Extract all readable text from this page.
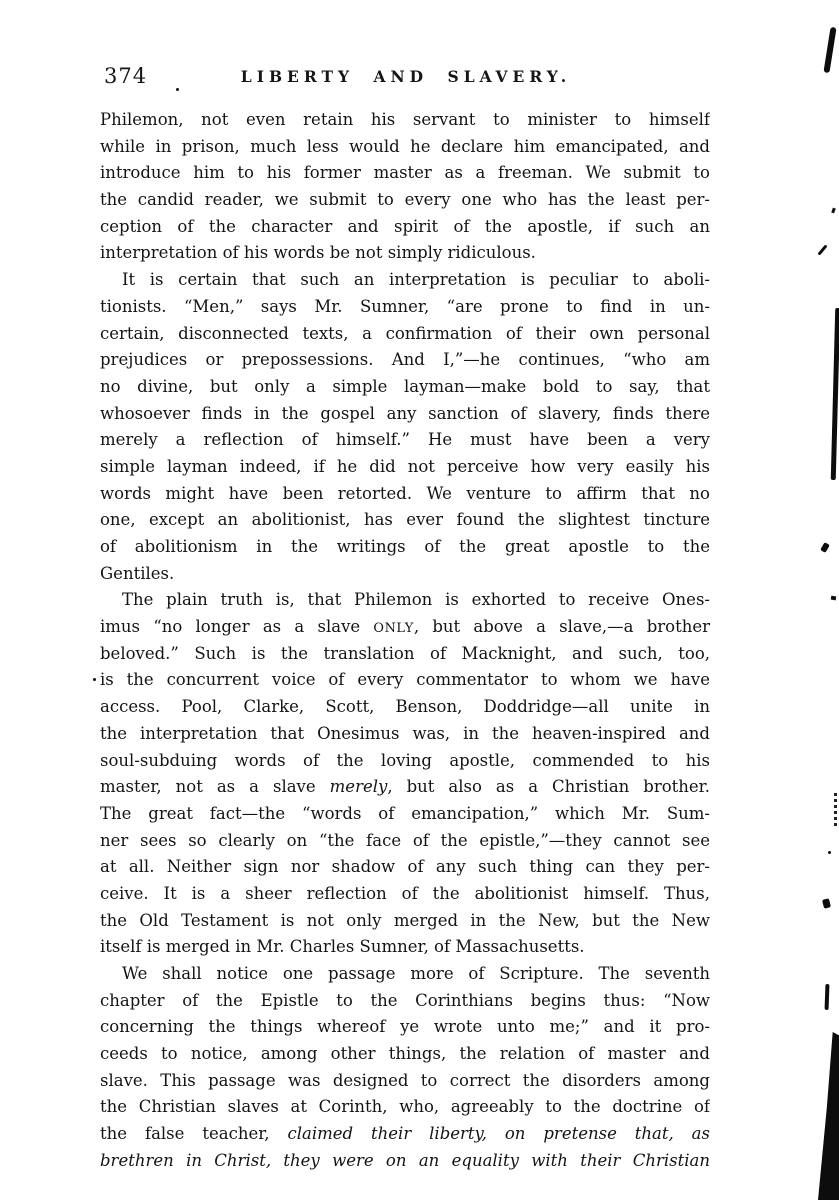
374	LIBERTY AND SLAVERY.
Philemon, not even retain his servant to minister to himself
while in prison, much less would he declare him emancipated, and
introduce him to his former master as a freeman. We submit to
the candid reader, we submit to every one who has the least per-
ception of the character and spirit of the apostle, if such an
interpretation of his words be not simply ridiculous.
It is certain that such an interpretation is peculiar to aboli-
tionists. “Men,” says Mr. Sumner, “are prone to find in un-
certain, disconnected texts, a confirmation of their own personal
prejudices or prepossessions. And I,”—he continues, “who am
no divine, but only a simple layman—make bold to say, that
whosoever finds in the gospel any sanction of slavery, finds there
merely a reflection of himself.” He must have been a very
simple layman indeed, if he did not perceive how very easily his
words might have been retorted. We venture to affirm that no
one, except an abolitionist, has ever found the slightest tincture
of abolitionism in the writings of the great apostle to the
Gentiles.
The plain truth is, that Philemon is exhorted to receive Ones-
imus “no longer as a slave ONLY, but above a slave,—a brother
beloved.” Such is the translation of Macknight, and such, too,
is the concurrent voice of every commentator to whom we have
access. Pool, Clarke, Scott, Benson, Doddridge—all unite in
the interpretation that Onesimus was, in the heaven-inspired and
soul-subduing words of the loving apostle, commended to his
master, not as a slave merely, but also as a Christian brother.
The great fact—the “words of emancipation,” which Mr. Sum-
ner sees so clearly on “the face of the epistle,”—they cannot see
at all. Neither sign nor shadow of any such thing can they per-
ceive. It is a sheer reflection of the abolitionist himself. Thus,
the Old Testament is not only merged in the New, but the New
itself is merged in Mr. Charles Sumner, of Massachusetts.
We shall notice one passage more of Scripture. The seventh
chapter of the Epistle to the Corinthians begins thus: “Now
concerning the things whereof ye wrote unto me;” and it pro-
ceeds to notice, among other things, the relation of master and
slave. This passage was designed to correct the disorders among
the Christian slaves at Corinth, who, agreeably to the doctrine of
the false teacher, claimed their liberty, on pretense that, as
brethren in Christ, they were on an equality with their Christian
